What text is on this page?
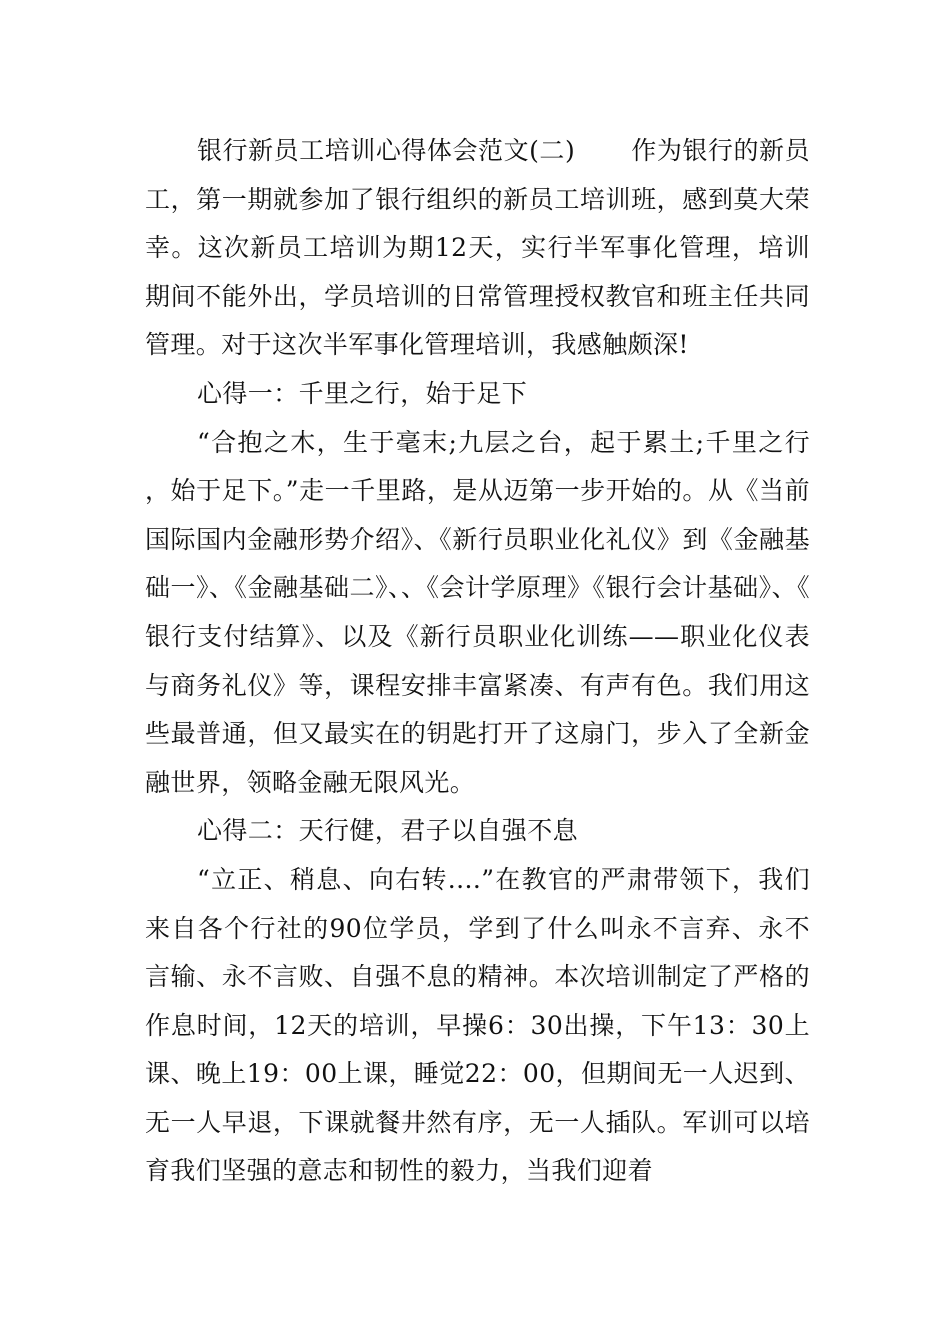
银行新员工培训心得体会范文(二) 作为银行的新员工，第一期就参加了银行组织的新员工培训班，感到莫大荣幸。这次新员工培训为期12天，实行半军事化管理，培训期间不能外出，学员培训的日常管理授权教官和班主任共同管理。对于这次半军事化管理培训，我感触颇深!

心得一：千里之行，始于足下

“合抱之木，生于毫末;九层之台，起于累土;千里之行，始于足下。”走一千里路，是从迈第一步开始的。从《当前国际国内金融形势介绍》、《新行员职业化礼仪》到《金融基础一》、《金融基础二》、、《会计学原理》《银行会计基础》、《银行支付结算》、以及《新行员职业化训练——职业化仪表与商务礼仪》等，课程安排丰富紧凑、有声有色。我们用这些最普通，但又最实在的钥匙打开了这扇门，步入了全新金融世界，领略金融无限风光。

心得二：天行健，君子以自强不息

“立正、稍息、向右转....”在教官的严肃带领下，我们来自各个行社的90位学员，学到了什么叫永不言弃、永不言输、永不言败、自强不息的精神。本次培训制定了严格的作息时间，12天的培训，早操6：30出操，下午13：30上课、晚上19：00上课，睡觉22：00，但期间无一人迟到、无一人早退，下课就餐井然有序，无一人插队。军训可以培育我们坚强的意志和韧性的毅力，当我们迎着
